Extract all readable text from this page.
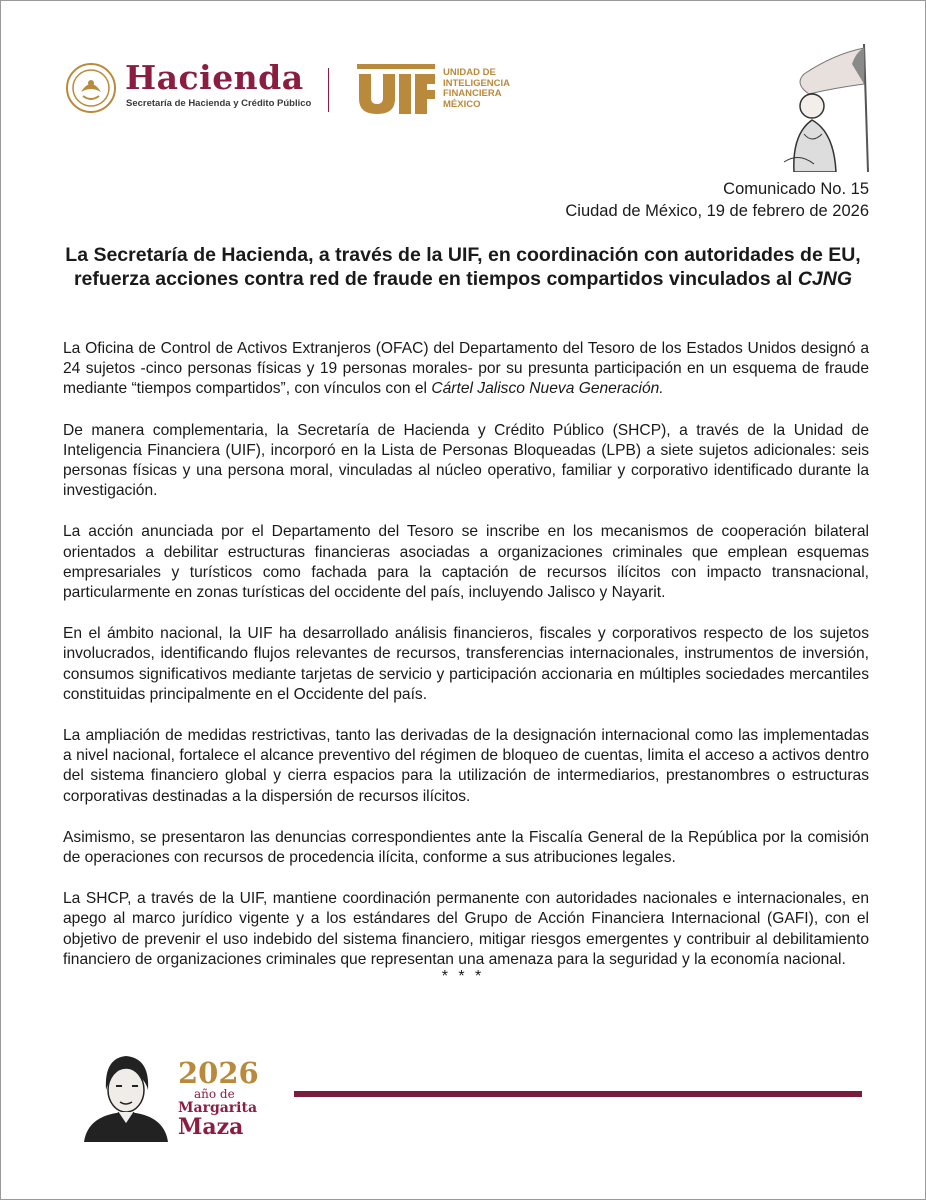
Hacienda
Secretaría de Hacienda y Crédito Público
UNIDAD DE
INTELIGENCIA
FINANCIERA
MÉXICO
Comunicado No. 15
Ciudad de México, 19 de febrero de 2026
La Secretaría de Hacienda, a través de la UIF, en coordinación con autoridades de EU, refuerza acciones contra red de fraude en tiempos compartidos vinculados al CJNG

La Oficina de Control de Activos Extranjeros (OFAC) del Departamento del Tesoro de los Estados Unidos designó a 24 sujetos -cinco personas físicas y 19 personas morales- por su presunta participación en un esquema de fraude mediante “tiempos compartidos”, con vínculos con el Cártel Jalisco Nueva Generación.

De manera complementaria, la Secretaría de Hacienda y Crédito Público (SHCP), a través de la Unidad de Inteligencia Financiera (UIF), incorporó en la Lista de Personas Bloqueadas (LPB) a siete sujetos adicionales: seis personas físicas y una persona moral, vinculadas al núcleo operativo, familiar y corporativo identificado durante la investigación.

La acción anunciada por el Departamento del Tesoro se inscribe en los mecanismos de cooperación bilateral orientados a debilitar estructuras financieras asociadas a organizaciones criminales que emplean esquemas empresariales y turísticos como fachada para la captación de recursos ilícitos con impacto transnacional, particularmente en zonas turísticas del occidente del país, incluyendo Jalisco y Nayarit.

En el ámbito nacional, la UIF ha desarrollado análisis financieros, fiscales y corporativos respecto de los sujetos involucrados, identificando flujos relevantes de recursos, transferencias internacionales, instrumentos de inversión, consumos significativos mediante tarjetas de servicio y participación accionaria en múltiples sociedades mercantiles constituidas principalmente en el Occidente del país.

La ampliación de medidas restrictivas, tanto las derivadas de la designación internacional como las implementadas a nivel nacional, fortalece el alcance preventivo del régimen de bloqueo de cuentas, limita el acceso a activos dentro del sistema financiero global y cierra espacios para la utilización de intermediarios, prestanombres o estructuras corporativas destinadas a la dispersión de recursos ilícitos.

Asimismo, se presentaron las denuncias correspondientes ante la Fiscalía General de la República por la comisión de operaciones con recursos de procedencia ilícita, conforme a sus atribuciones legales.

La SHCP, a través de la UIF, mantiene coordinación permanente con autoridades nacionales e internacionales, en apego al marco jurídico vigente y a los estándares del Grupo de Acción Financiera Internacional (GAFI), con el objetivo de prevenir el uso indebido del sistema financiero, mitigar riesgos emergentes y contribuir al debilitamiento financiero de organizaciones criminales que representan una amenaza para la seguridad y la economía nacional.

* * *
2026
año de
Margarita
Maza
